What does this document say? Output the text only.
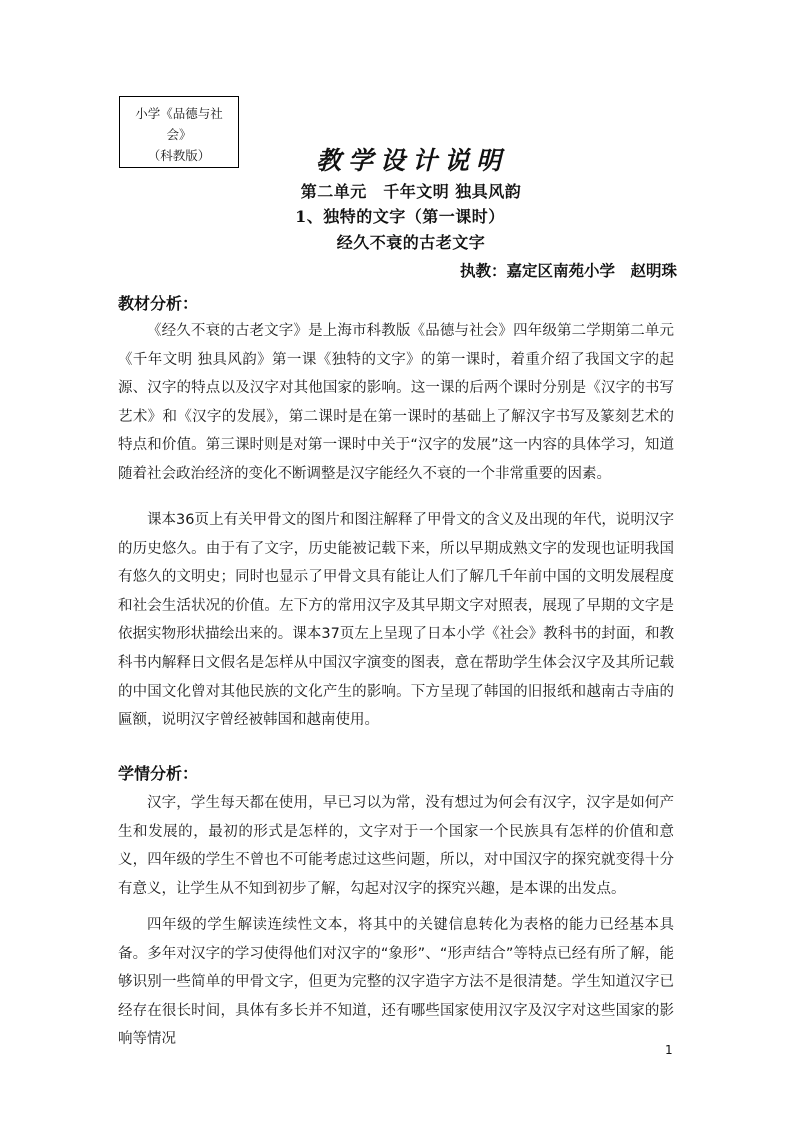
小学《品德与社
会》
（科教版）	教学设计说明
第二单元　千年文明 独具风韵
1、独特的文字（第一课时）
经久不衰的古老文字
执教：嘉定区南苑小学　赵明珠
教材分析：
《经久不衰的古老文字》是上海市科教版《品德与社会》四年级第二学期第二单元《千年文明 独具风韵》第一课《独特的文字》的第一课时，着重介绍了我国文字的起源、汉字的特点以及汉字对其他国家的影响。这一课的后两个课时分别是《汉字的书写艺术》和《汉字的发展》，第二课时是在第一课时的基础上了解汉字书写及篆刻艺术的特点和价值。第三课时则是对第一课时中关于“汉字的发展”这一内容的具体学习，知道随着社会政治经济的变化不断调整是汉字能经久不衰的一个非常重要的因素。
课本36页上有关甲骨文的图片和图注解释了甲骨文的含义及出现的年代，说明汉字的历史悠久。由于有了文字，历史能被记载下来，所以早期成熟文字的发现也证明我国有悠久的文明史；同时也显示了甲骨文具有能让人们了解几千年前中国的文明发展程度和社会生活状况的价值。左下方的常用汉字及其早期文字对照表，展现了早期的文字是依据实物形状描绘出来的。课本37页左上呈现了日本小学《社会》教科书的封面，和教科书内解释日文假名是怎样从中国汉字演变的图表，意在帮助学生体会汉字及其所记载的中国文化曾对其他民族的文化产生的影响。下方呈现了韩国的旧报纸和越南古寺庙的匾额，说明汉字曾经被韩国和越南使用。
学情分析：
汉字，学生每天都在使用，早已习以为常，没有想过为何会有汉字，汉字是如何产生和发展的，最初的形式是怎样的，文字对于一个国家一个民族具有怎样的价值和意义，四年级的学生不曾也不可能考虑过这些问题，所以，对中国汉字的探究就变得十分有意义，让学生从不知到初步了解，勾起对汉字的探究兴趣，是本课的出发点。
四年级的学生解读连续性文本，将其中的关键信息转化为表格的能力已经基本具备。多年对汉字的学习使得他们对汉字的“象形”、“形声结合”等特点已经有所了解，能够识别一些简单的甲骨文字，但更为完整的汉字造字方法不是很清楚。学生知道汉字已经存在很长时间，具体有多长并不知道，还有哪些国家使用汉字及汉字对这些国家的影响等情况
1
